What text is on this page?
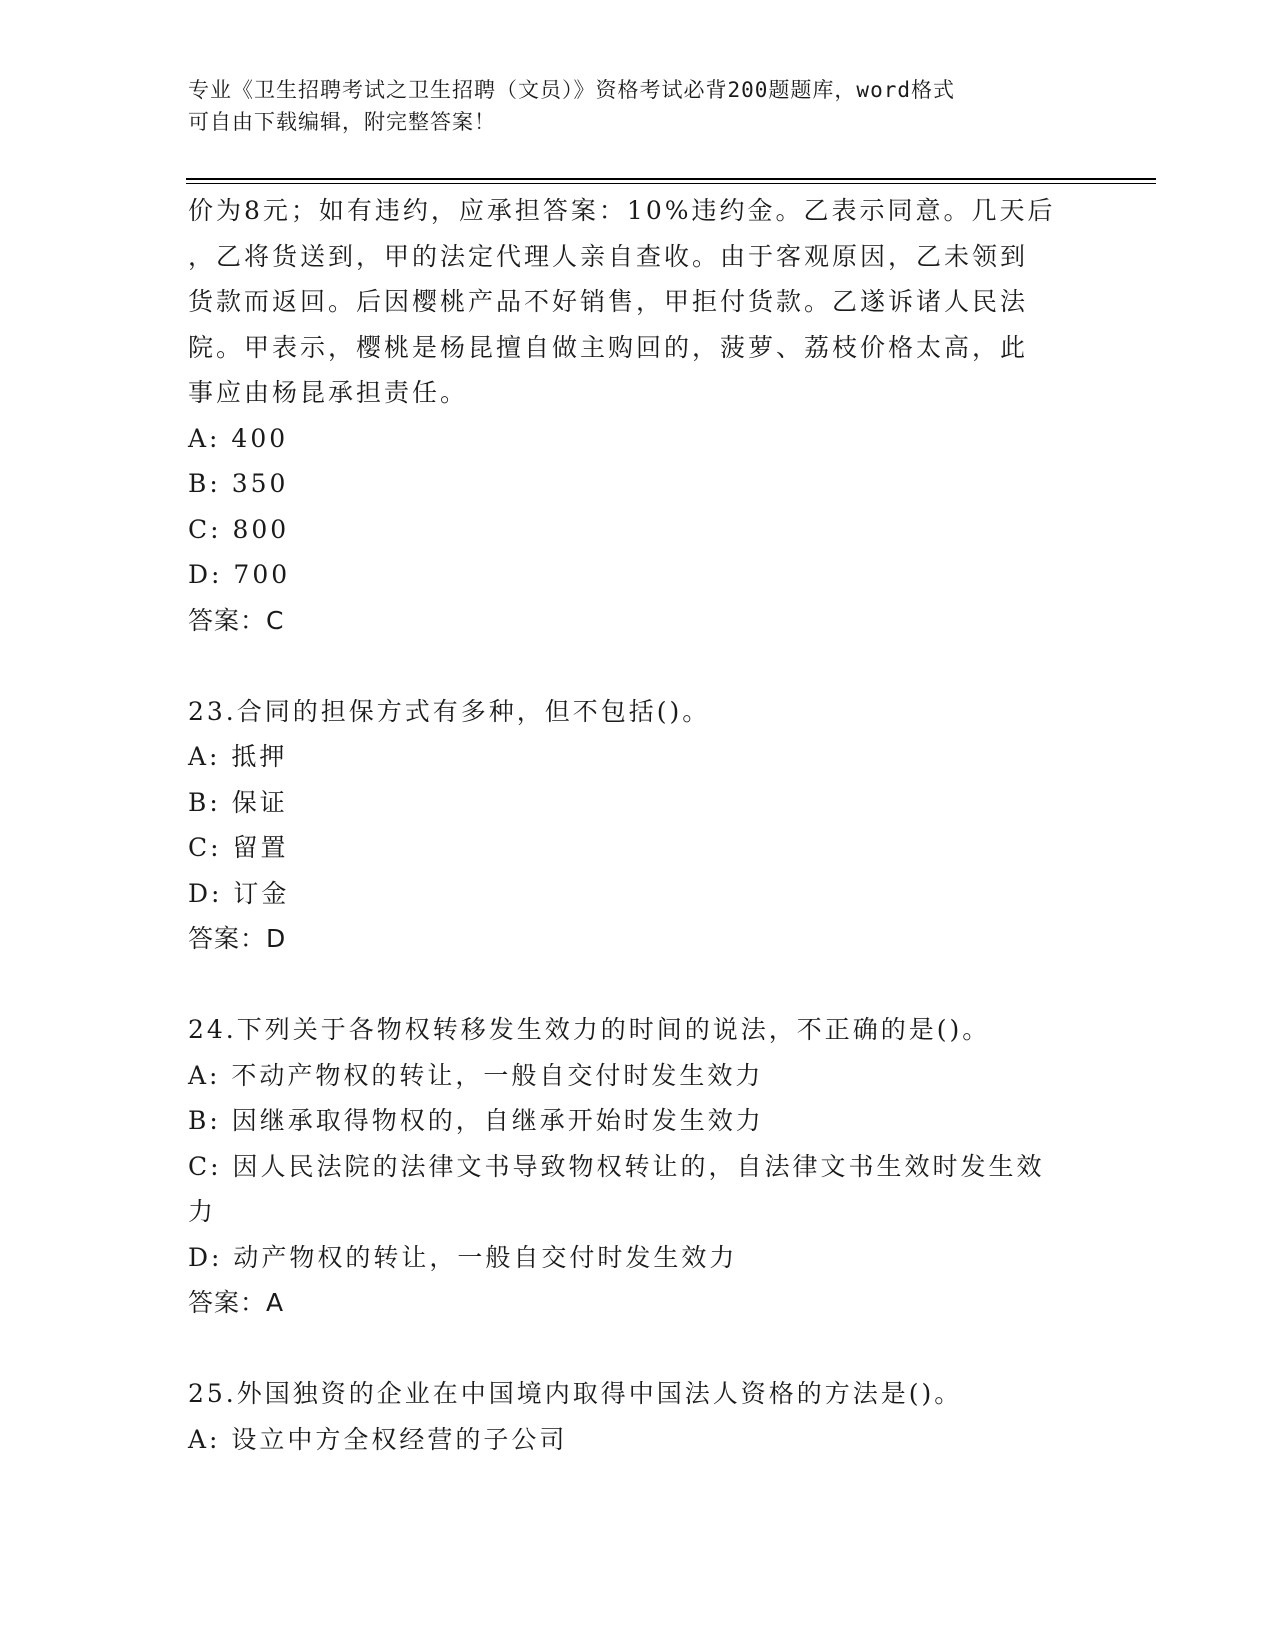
专业《卫生招聘考试之卫生招聘（文员）》资格考试必背200题题库，word格式
可自由下载编辑，附完整答案！
价为8元；如有违约，应承担答案：10%违约金。乙表示同意。几天后
，乙将货送到，甲的法定代理人亲自查收。由于客观原因，乙未领到
货款而返回。后因樱桃产品不好销售，甲拒付货款。乙遂诉诸人民法
院。甲表示，樱桃是杨昆擅自做主购回的，菠萝、荔枝价格太高，此
事应由杨昆承担责任。
A: 400
B: 350
C: 800
D: 700
答案：C
23.合同的担保方式有多种，但不包括()。
A: 抵押
B: 保证
C: 留置
D: 订金
答案：D
24.下列关于各物权转移发生效力的时间的说法，不正确的是()。
A: 不动产物权的转让，一般自交付时发生效力
B: 因继承取得物权的，自继承开始时发生效力
C: 因人民法院的法律文书导致物权转让的，自法律文书生效时发生效
力
D: 动产物权的转让，一般自交付时发生效力
答案：A
25.外国独资的企业在中国境内取得中国法人资格的方法是()。
A: 设立中方全权经营的子公司
